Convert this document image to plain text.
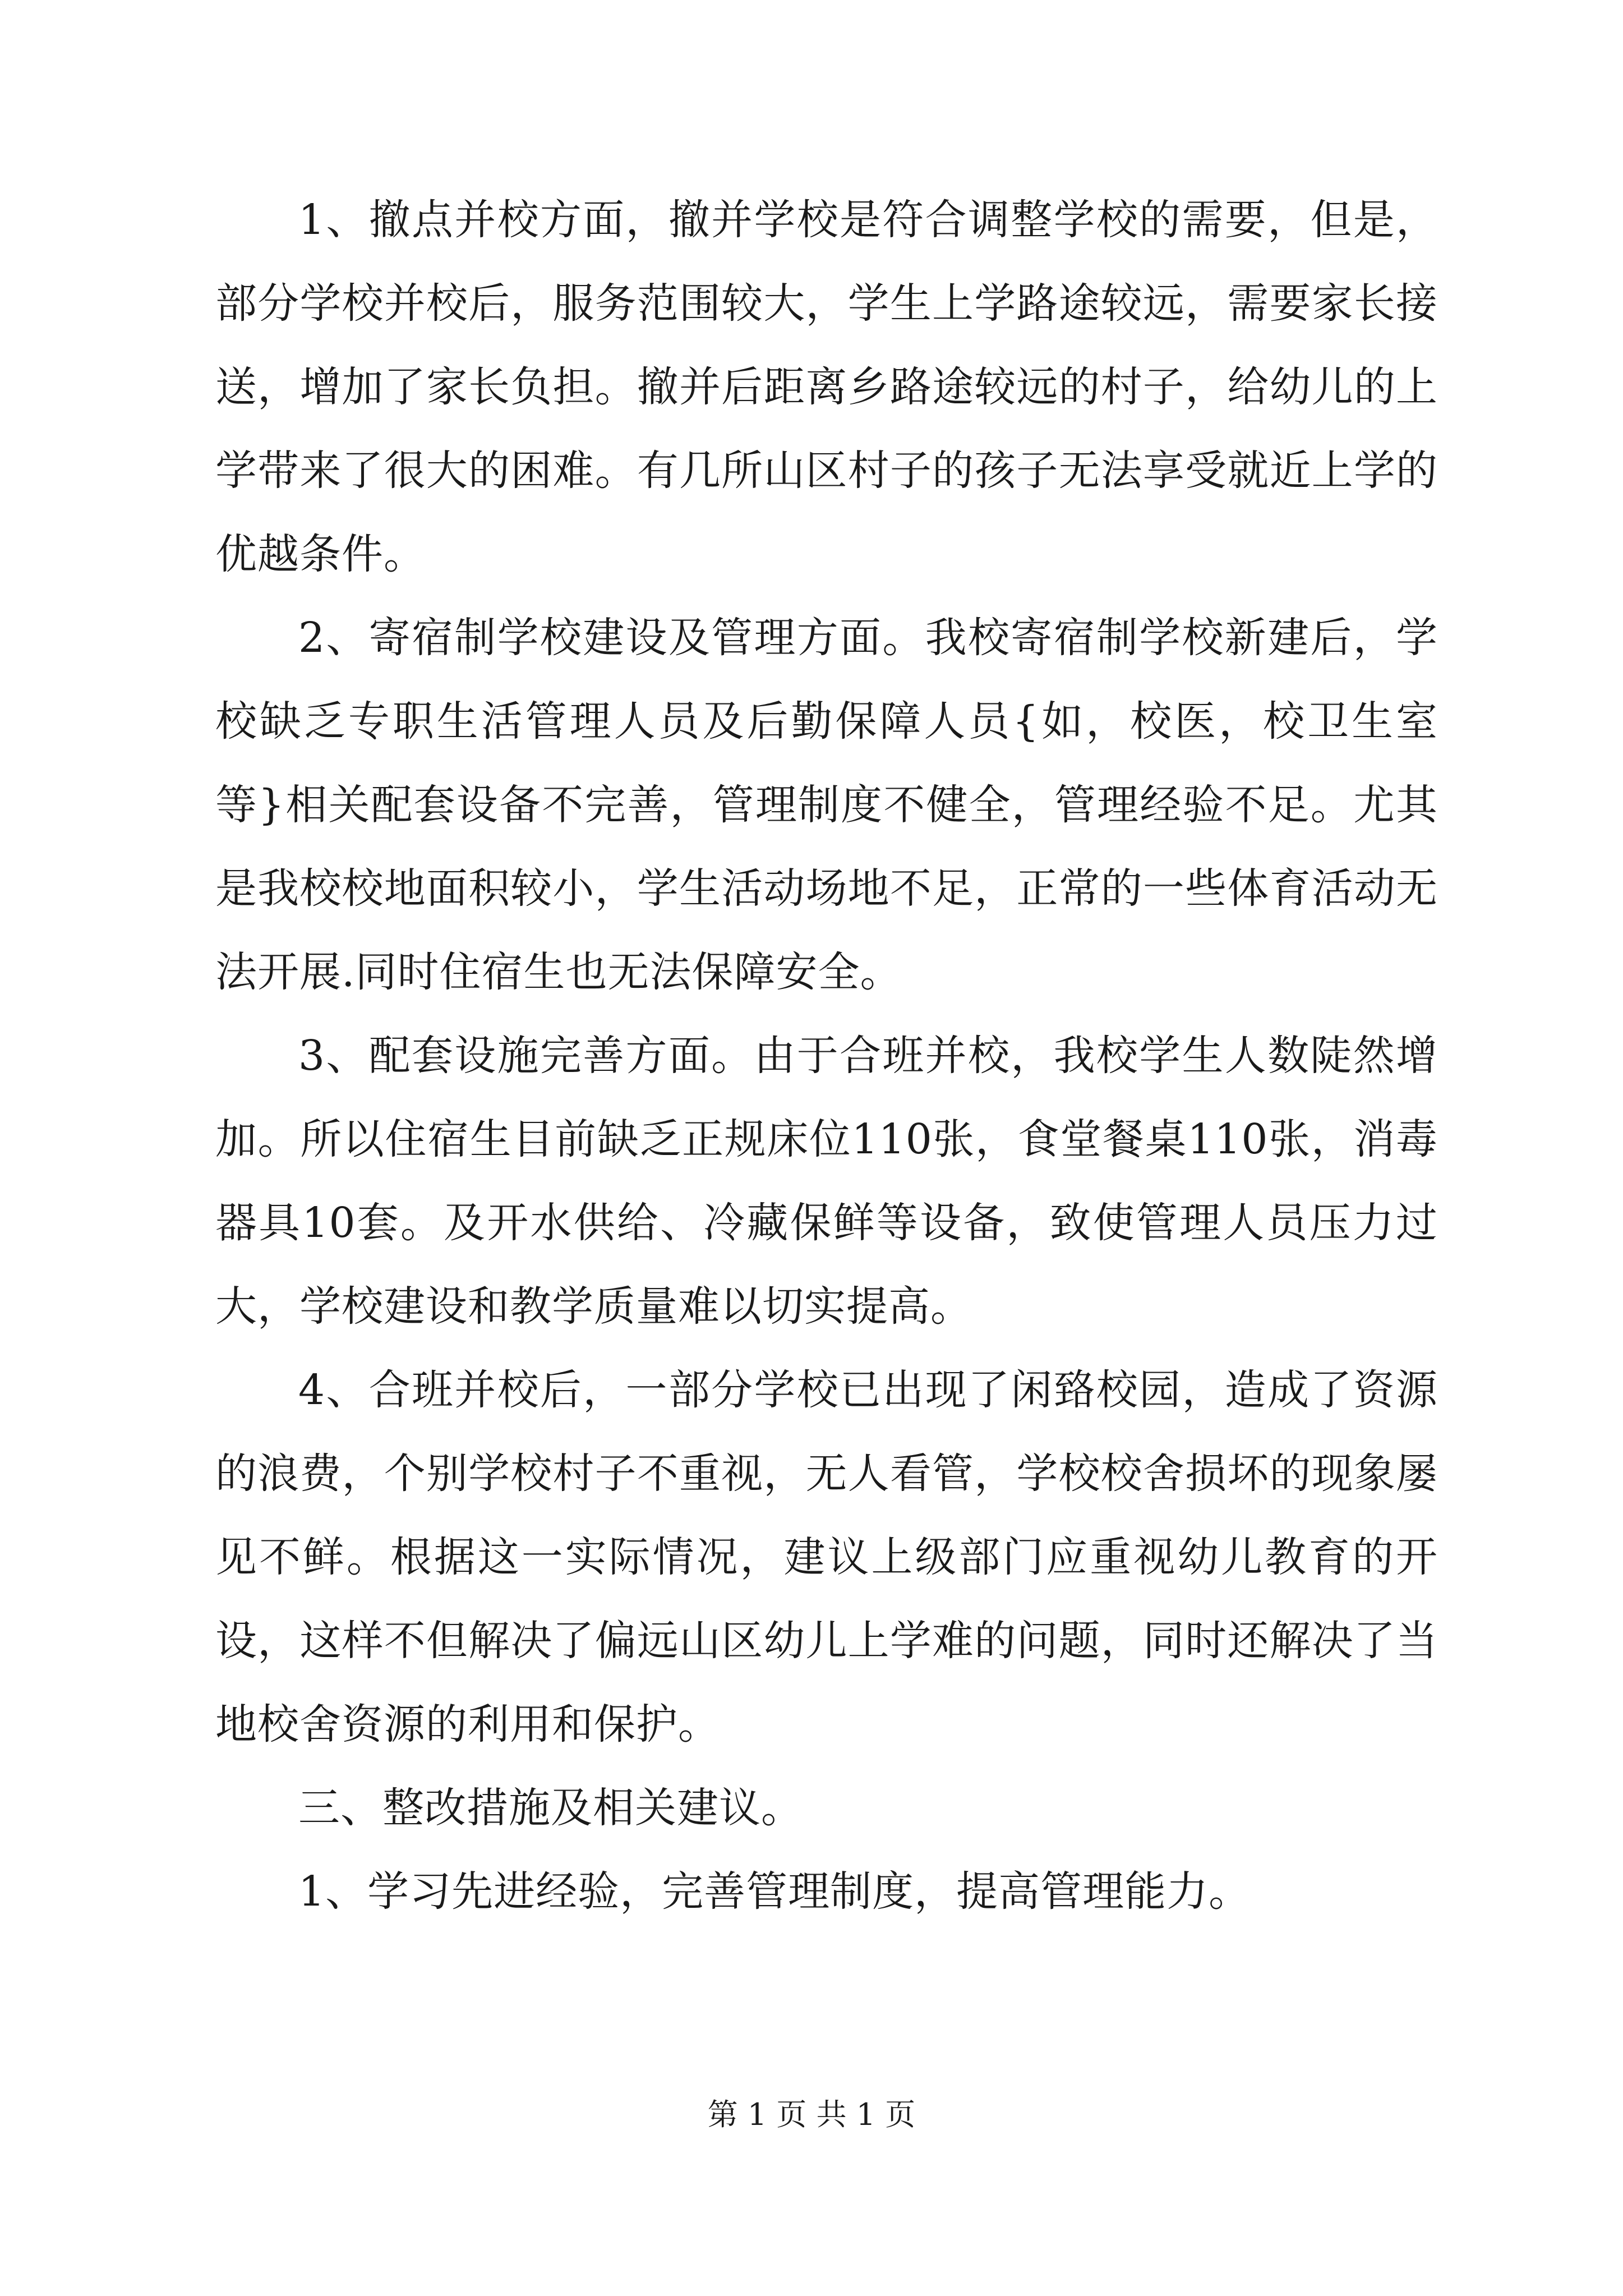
1、撤点并校方面，撤并学校是符合调整学校的需要，但是，部分学校并校后，服务范围较大，学生上学路途较远，需要家长接送，增加了家长负担。撤并后距离乡路途较远的村子，给幼儿的上学带来了很大的困难。有几所山区村子的孩子无法享受就近上学的优越条件。

2、寄宿制学校建设及管理方面。我校寄宿制学校新建后，学校缺乏专职生活管理人员及后勤保障人员{如，校医，校卫生室等}相关配套设备不完善，管理制度不健全，管理经验不足。尤其是我校校地面积较小，学生活动场地不足，正常的一些体育活动无法开展.同时住宿生也无法保障安全。

3、配套设施完善方面。由于合班并校，我校学生人数陡然增加。所以住宿生目前缺乏正规床位110张，食堂餐桌110张，消毒器具10套。及开水供给、冷藏保鲜等设备，致使管理人员压力过大，学校建设和教学质量难以切实提高。

4、合班并校后，一部分学校已出现了闲臵校园，造成了资源的浪费，个别学校村子不重视，无人看管，学校校舍损坏的现象屡见不鲜。根据这一实际情况，建议上级部门应重视幼儿教育的开设，这样不但解决了偏远山区幼儿上学难的问题，同时还解决了当地校舍资源的利用和保护。

三、整改措施及相关建议。

1、学习先进经验，完善管理制度，提高管理能力。

第 1 页 共 1 页
